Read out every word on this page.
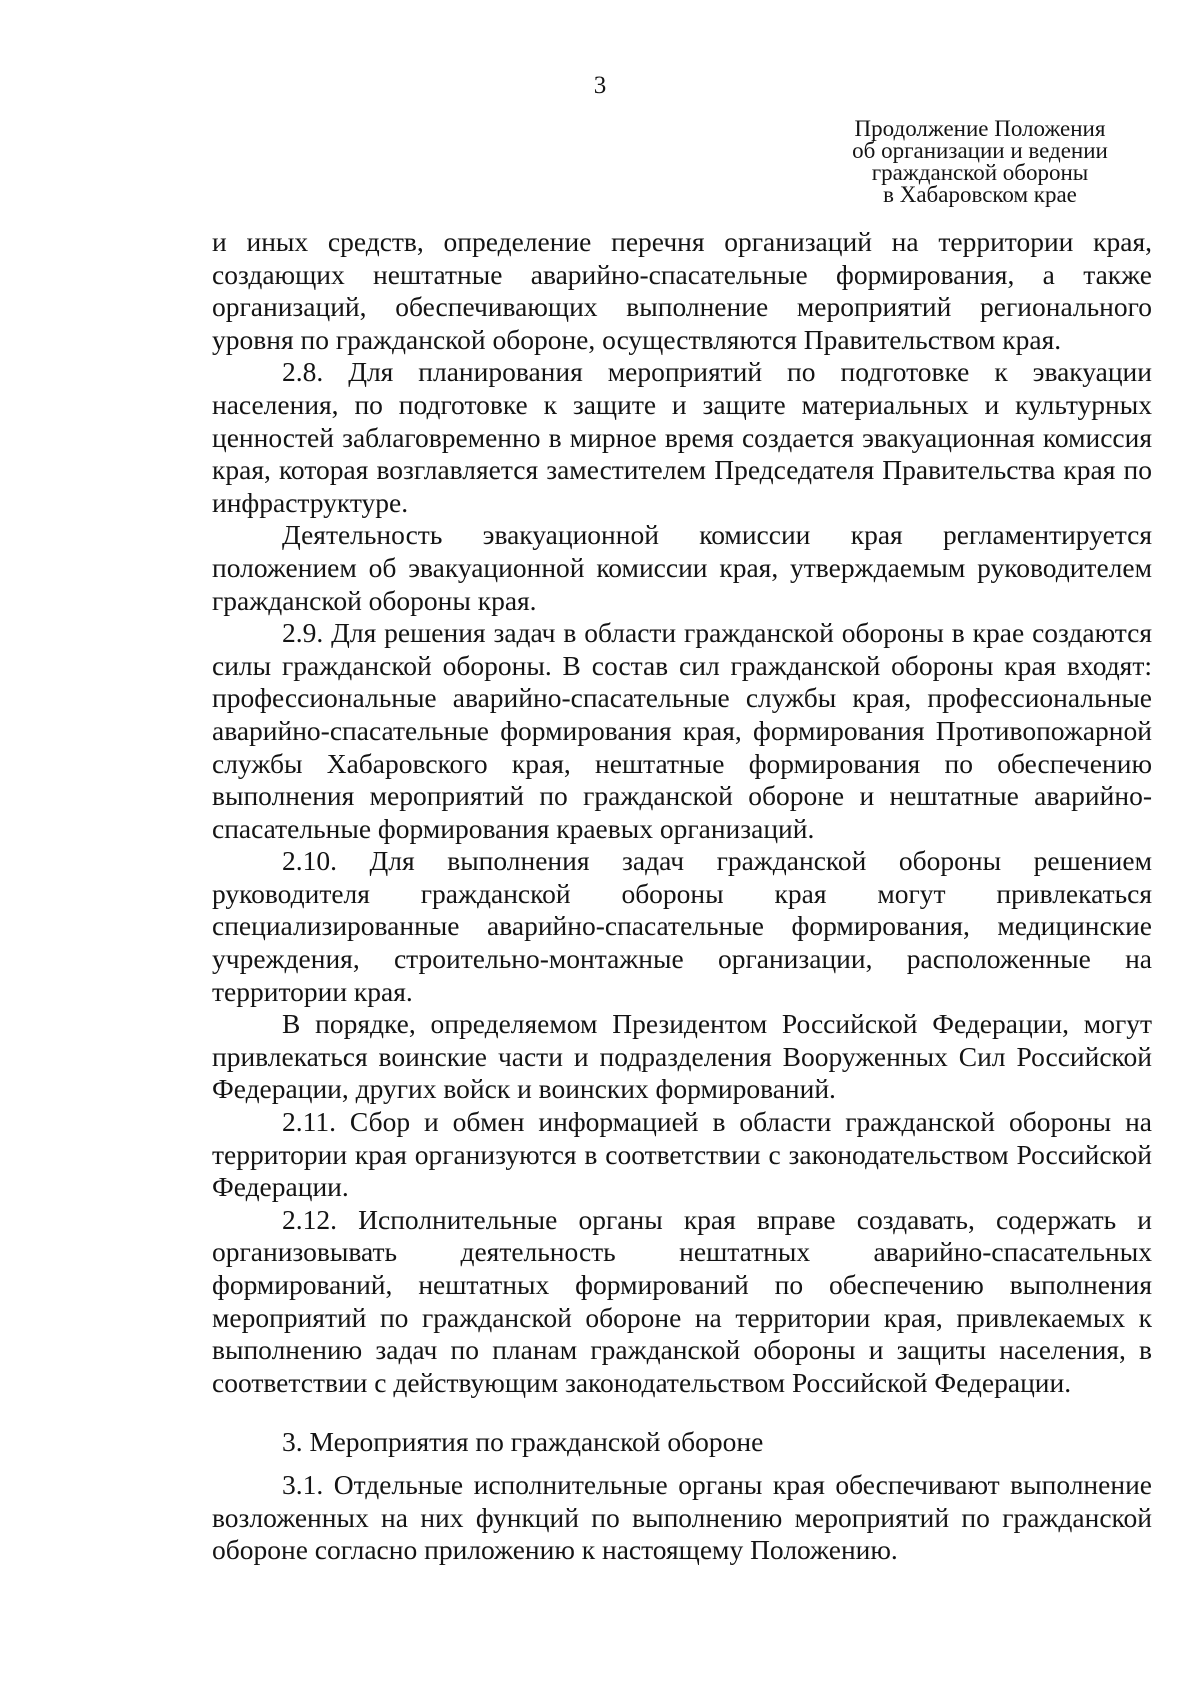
3
Продолжение Положения
об организации и ведении
гражданской обороны
в Хабаровском крае

и иных средств, определение перечня организаций на территории края, создающих нештатные аварийно-спасательные формирования, а также организаций, обеспечивающих выполнение мероприятий регионального уровня по гражданской обороне, осуществляются Правительством края.

2.8. Для планирования мероприятий по подготовке к эвакуации населения, по подготовке к защите и защите материальных и культурных ценностей заблаговременно в мирное время создается эвакуационная комиссия края, которая возглавляется заместителем Председателя Правительства края по инфраструктуре.

Деятельность эвакуационной комиссии края регламентируется положением об эвакуационной комиссии края, утверждаемым руководителем гражданской обороны края.

2.9. Для решения задач в области гражданской обороны в крае создаются силы гражданской обороны. В состав сил гражданской обороны края входят: профессиональные аварийно-спасательные службы края, профессиональные аварийно-спасательные формирования края, формирования Противопожарной службы Хабаровского края, нештатные формирования по обеспечению выполнения мероприятий по гражданской обороне и нештатные аварийно-спасательные формирования краевых организаций.

2.10. Для выполнения задач гражданской обороны решением руководителя гражданской обороны края могут привлекаться специализированные аварийно-спасательные формирования, медицинские учреждения, строительно-монтажные организации, расположенные на территории края.

В порядке, определяемом Президентом Российской Федерации, могут привлекаться воинские части и подразделения Вооруженных Сил Российской Федерации, других войск и воинских формирований.

2.11. Сбор и обмен информацией в области гражданской обороны на территории края организуются в соответствии с законодательством Российской Федерации.

2.12. Исполнительные органы края вправе создавать, содержать и организовывать деятельность нештатных аварийно-спасательных формирований, нештатных формирований по обеспечению выполнения мероприятий по гражданской обороне на территории края, привлекаемых к выполнению задач по планам гражданской обороны и защиты населения, в соответствии с действующим законодательством Российской Федерации.

3. Мероприятия по гражданской обороне

3.1. Отдельные исполнительные органы края обеспечивают выполнение возложенных на них функций по выполнению мероприятий по гражданской обороне согласно приложению к настоящему Положению.
